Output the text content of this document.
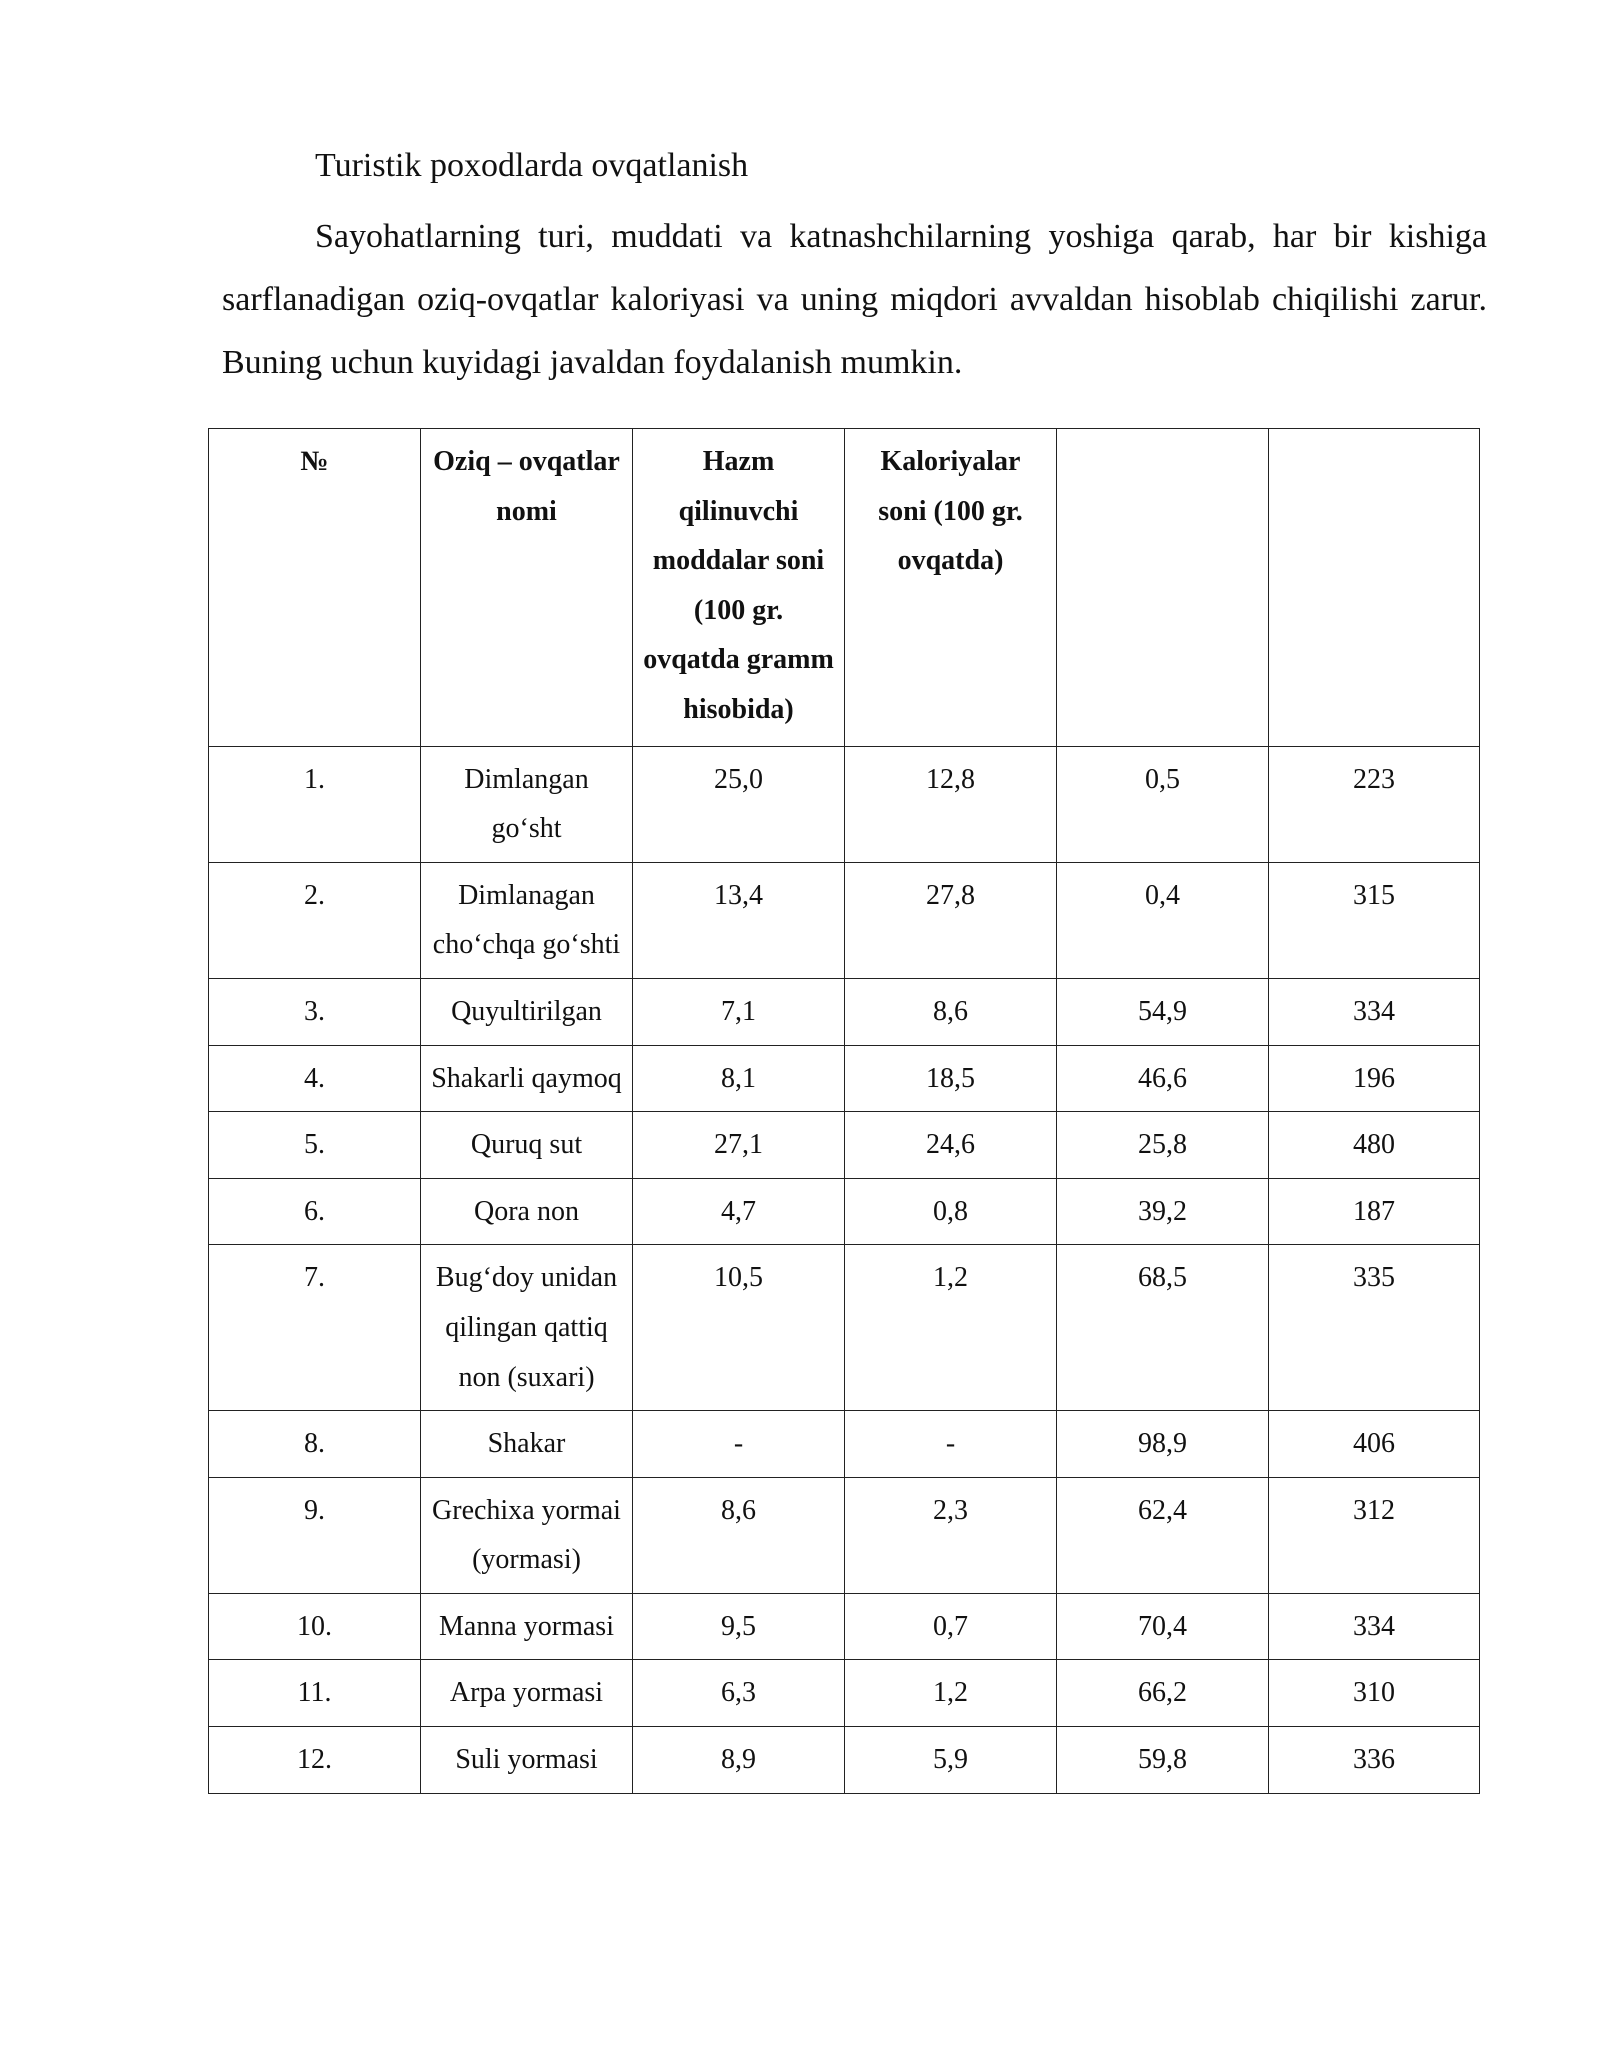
Turistik poxodlarda ovqatlanish

Sayohatlarning turi, muddati va katnashchilarning yoshiga qarab, har bir kishiga sarflanadigan oziq-ovqatlar kaloriyasi va uning miqdori avvaldan hisoblab chiqilishi zarur. Buning uchun kuyidagi javaldan foydalanish mumkin.

№	Oziq – ovqatlar nomi	Hazm qilinuvchi moddalar soni (100 gr. ovqatda gramm hisobida)	Kaloriyalar soni (100 gr. ovqatda)		
1.	Dimlangan go‘sht	25,0	12,8	0,5	223
2.	Dimlanagan cho‘chqa go‘shti	13,4	27,8	0,4	315
3.	Quyultirilgan	7,1	8,6	54,9	334
4.	Shakarli qaymoq	8,1	18,5	46,6	196
5.	Quruq sut	27,1	24,6	25,8	480
6.	Qora non	4,7	0,8	39,2	187
7.	Bug‘doy unidan qilingan qattiq non (suxari)	10,5	1,2	68,5	335
8.	Shakar	-	-	98,9	406
9.	Grechixa yormai (yormasi)	8,6	2,3	62,4	312
10.	Manna yormasi	9,5	0,7	70,4	334
11.	Arpa yormasi	6,3	1,2	66,2	310
12.	Suli yormasi	8,9	5,9	59,8	336
